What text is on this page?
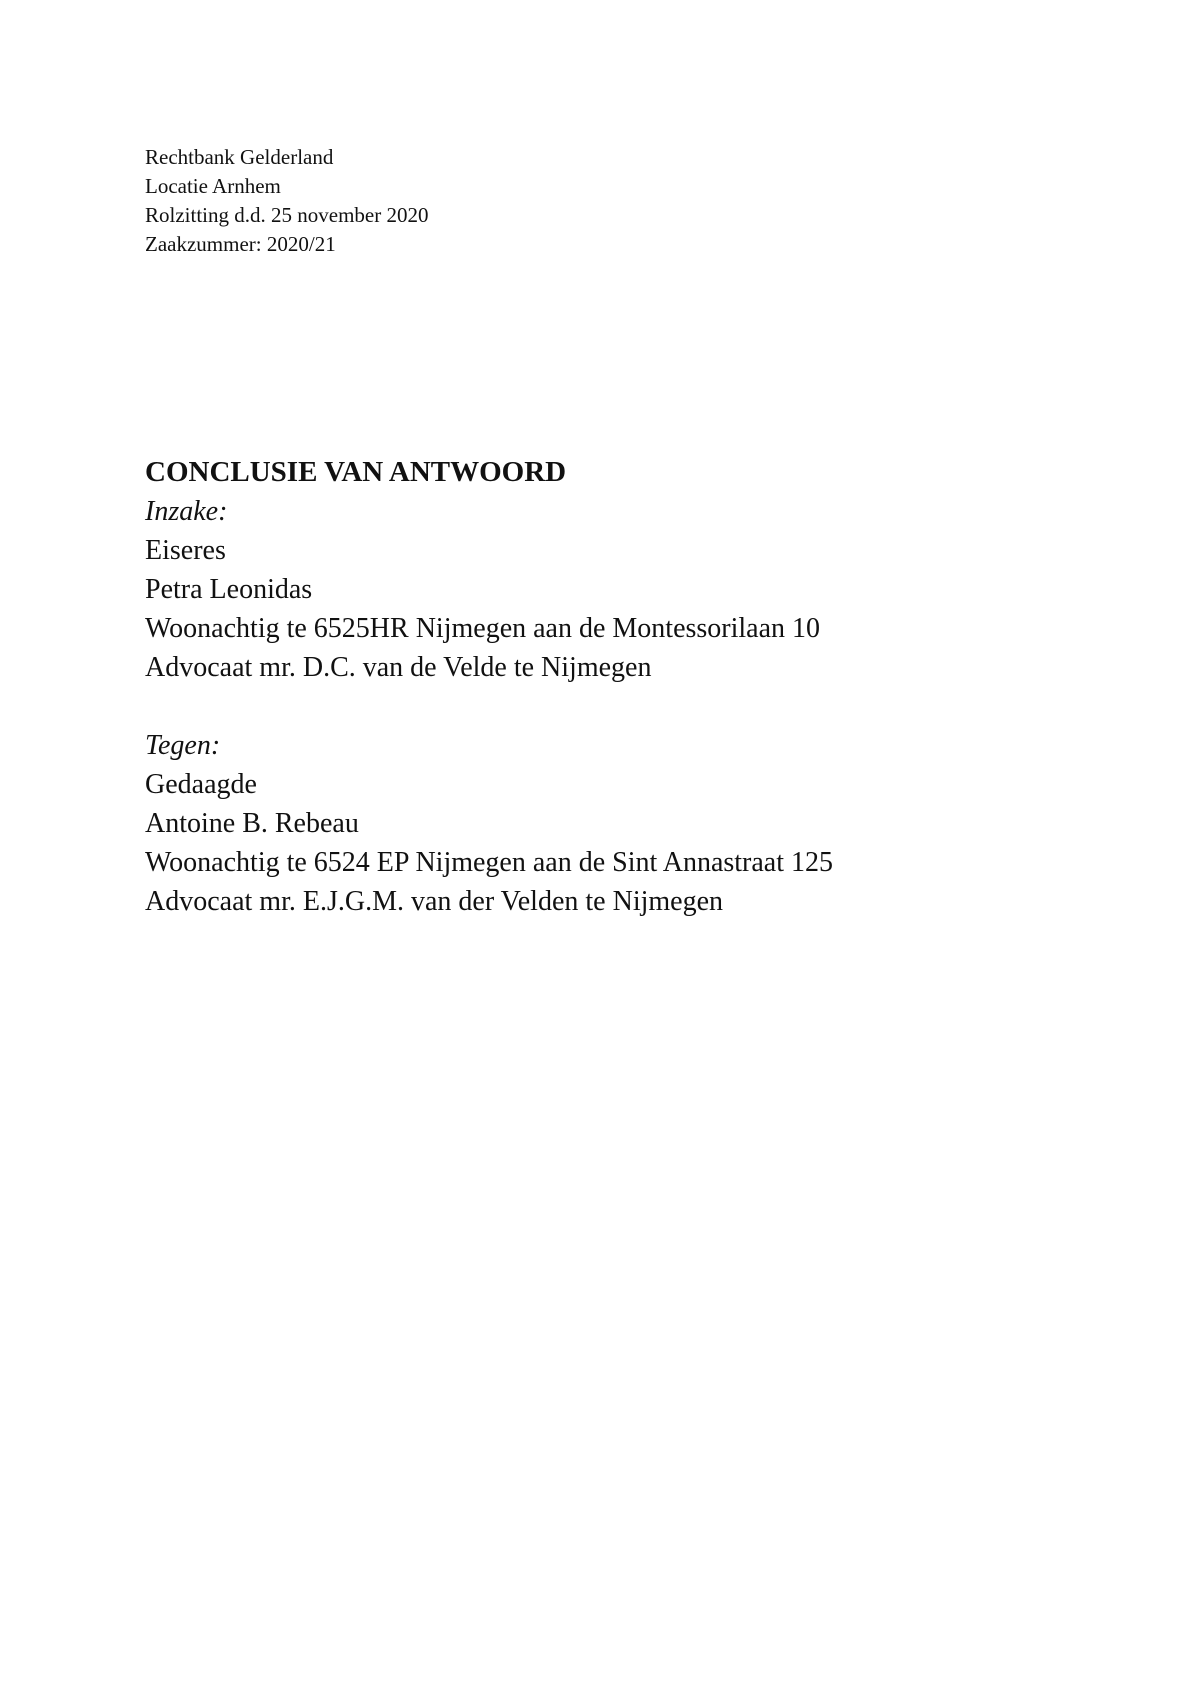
Rechtbank Gelderland
Locatie Arnhem
Rolzitting d.d. 25 november 2020
Zaakzummer: 2020/21
CONCLUSIE VAN ANTWOORD
Inzake:
Eiseres
Petra Leonidas
Woonachtig te 6525HR Nijmegen aan de Montessorilaan 10
Advocaat mr. D.C. van de Velde te Nijmegen
Tegen:
Gedaagde
Antoine B. Rebeau
Woonachtig te 6524 EP Nijmegen aan de Sint Annastraat 125
Advocaat mr. E.J.G.M. van der Velden te Nijmegen
